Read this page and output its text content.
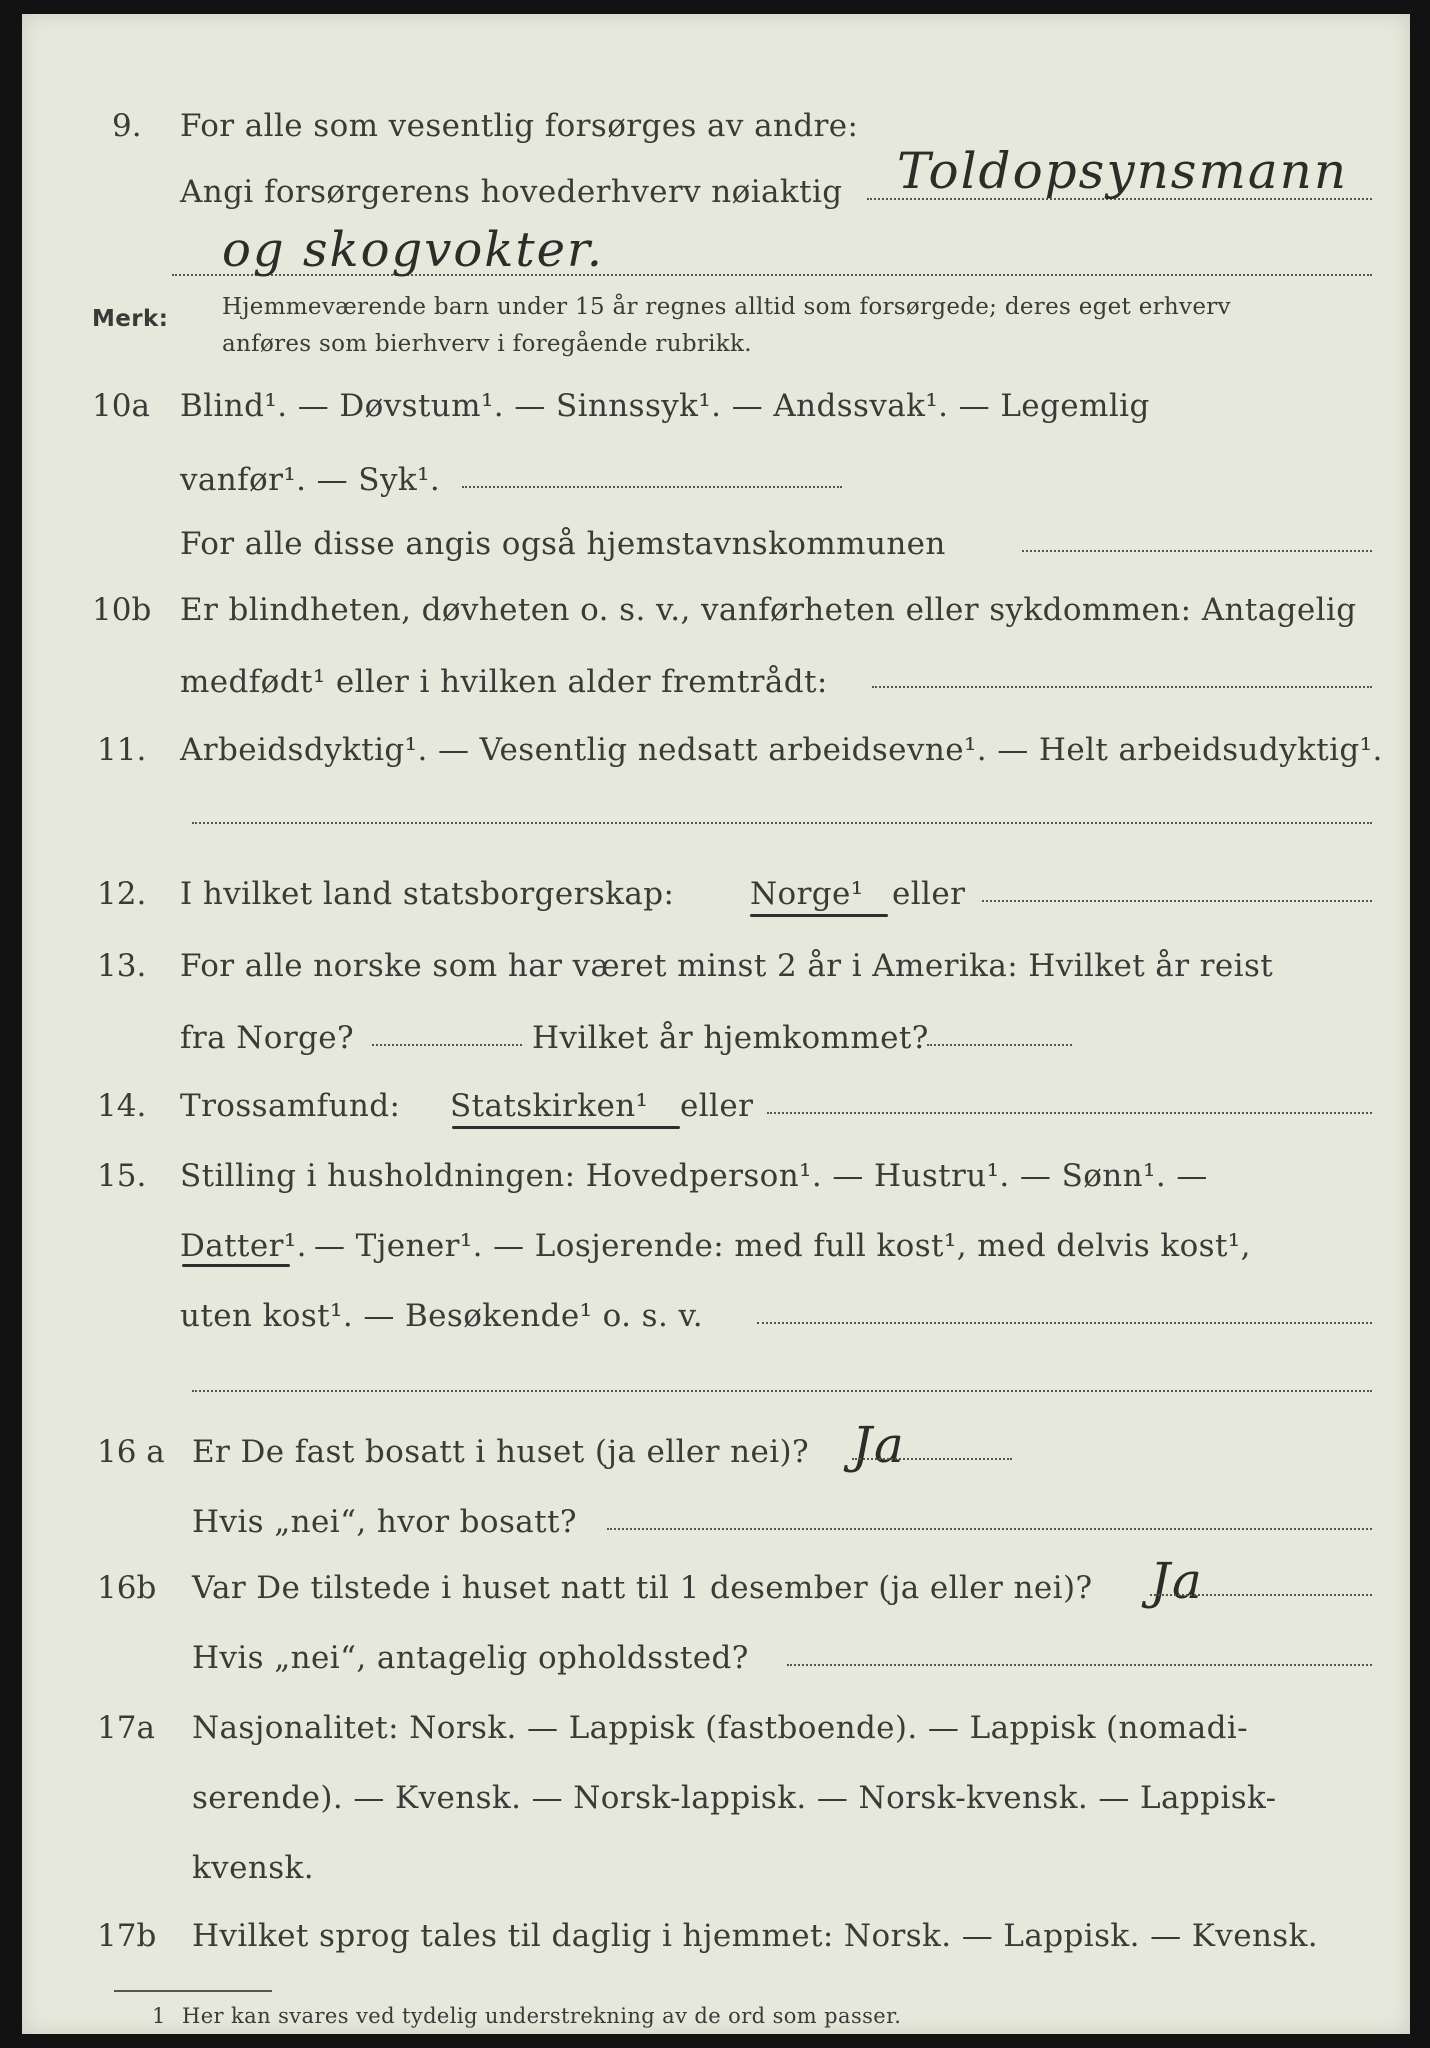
9. For alle som vesentlig forsørges av andre:
Angi forsørgerens hovederhverv nøiaktig Toldopsynsmann
og skogvokter.
Merk: Hjemmeværende barn under 15 år regnes alltid som forsørgede; deres eget erhverv
anføres som bierhverv i foregående rubrikk.
10a Blind¹. — Døvstum¹. — Sinnssyk¹. — Andssvak¹. — Legemlig
vanfør¹. — Syk¹.
For alle disse angis også hjemstavnskommunen
10b Er blindheten, døvheten o. s. v., vanførheten eller sykdommen: Antagelig
medfødt¹ eller i hvilken alder fremtrådt:
11. Arbeidsdyktig¹. — Vesentlig nedsatt arbeidsevne¹. — Helt arbeidsudyktig¹.
12. I hvilket land statsborgerskap: Norge¹ eller
13. For alle norske som har været minst 2 år i Amerika: Hvilket år reist
fra Norge?	Hvilket år hjemkommet?
14. Trossamfund: Statskirken¹ eller
15. Stilling i husholdningen: Hovedperson¹. — Hustru¹. — Sønn¹. —
Datter¹. — Tjener¹. — Losjerende: med full kost¹, med delvis kost¹,
uten kost¹. — Besøkende¹ o. s. v.
16 a Er De fast bosatt i huset (ja eller nei)? Ja
Hvis „nei“, hvor bosatt?
16b Var De tilstede i huset natt til 1 desember (ja eller nei)? Ja
Hvis „nei“, antagelig opholdssted?
17a Nasjonalitet: Norsk. — Lappisk (fastboende). — Lappisk (nomadi-
serende). — Kvensk. — Norsk-lappisk. — Norsk-kvensk. — Lappisk-
kvensk.
17b Hvilket sprog tales til daglig i hjemmet: Norsk. — Lappisk. — Kvensk.
1 Her kan svares ved tydelig understrekning av de ord som passer.
